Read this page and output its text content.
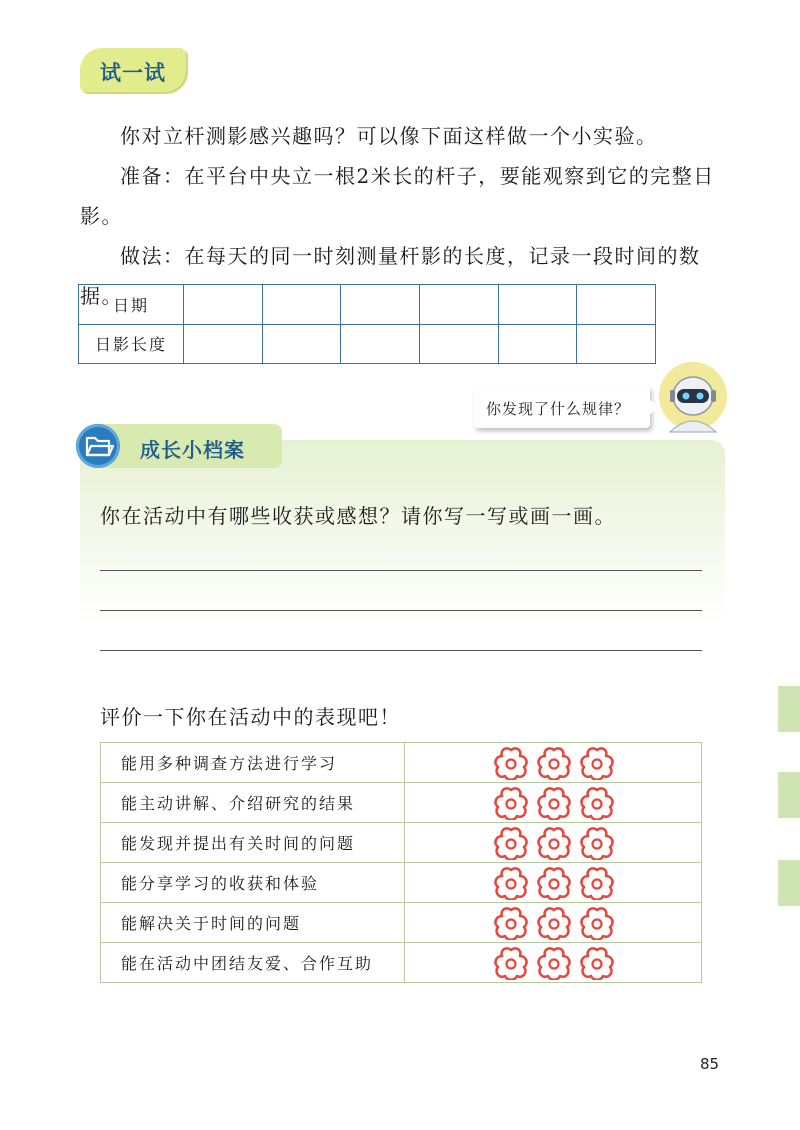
试一试

你对立杆测影感兴趣吗？可以像下面这样做一个小实验。

准备：在平台中央立一根2米长的杆子，要能观察到它的完整日影。

做法：在每天的同一时刻测量杆影的长度，记录一段时间的数据。

日期						
日影长度						
你发现了什么规律？
成长小档案

你在活动中有哪些收获或感想？请你写一写或画一画。

评价一下你在活动中的表现吧！

能用多种调查方法进行学习	
能主动讲解、介绍研究的结果	
能发现并提出有关时间的问题	
能分享学习的收获和体验	
能解决关于时间的问题	
能在活动中团结友爱、合作互助	
85
